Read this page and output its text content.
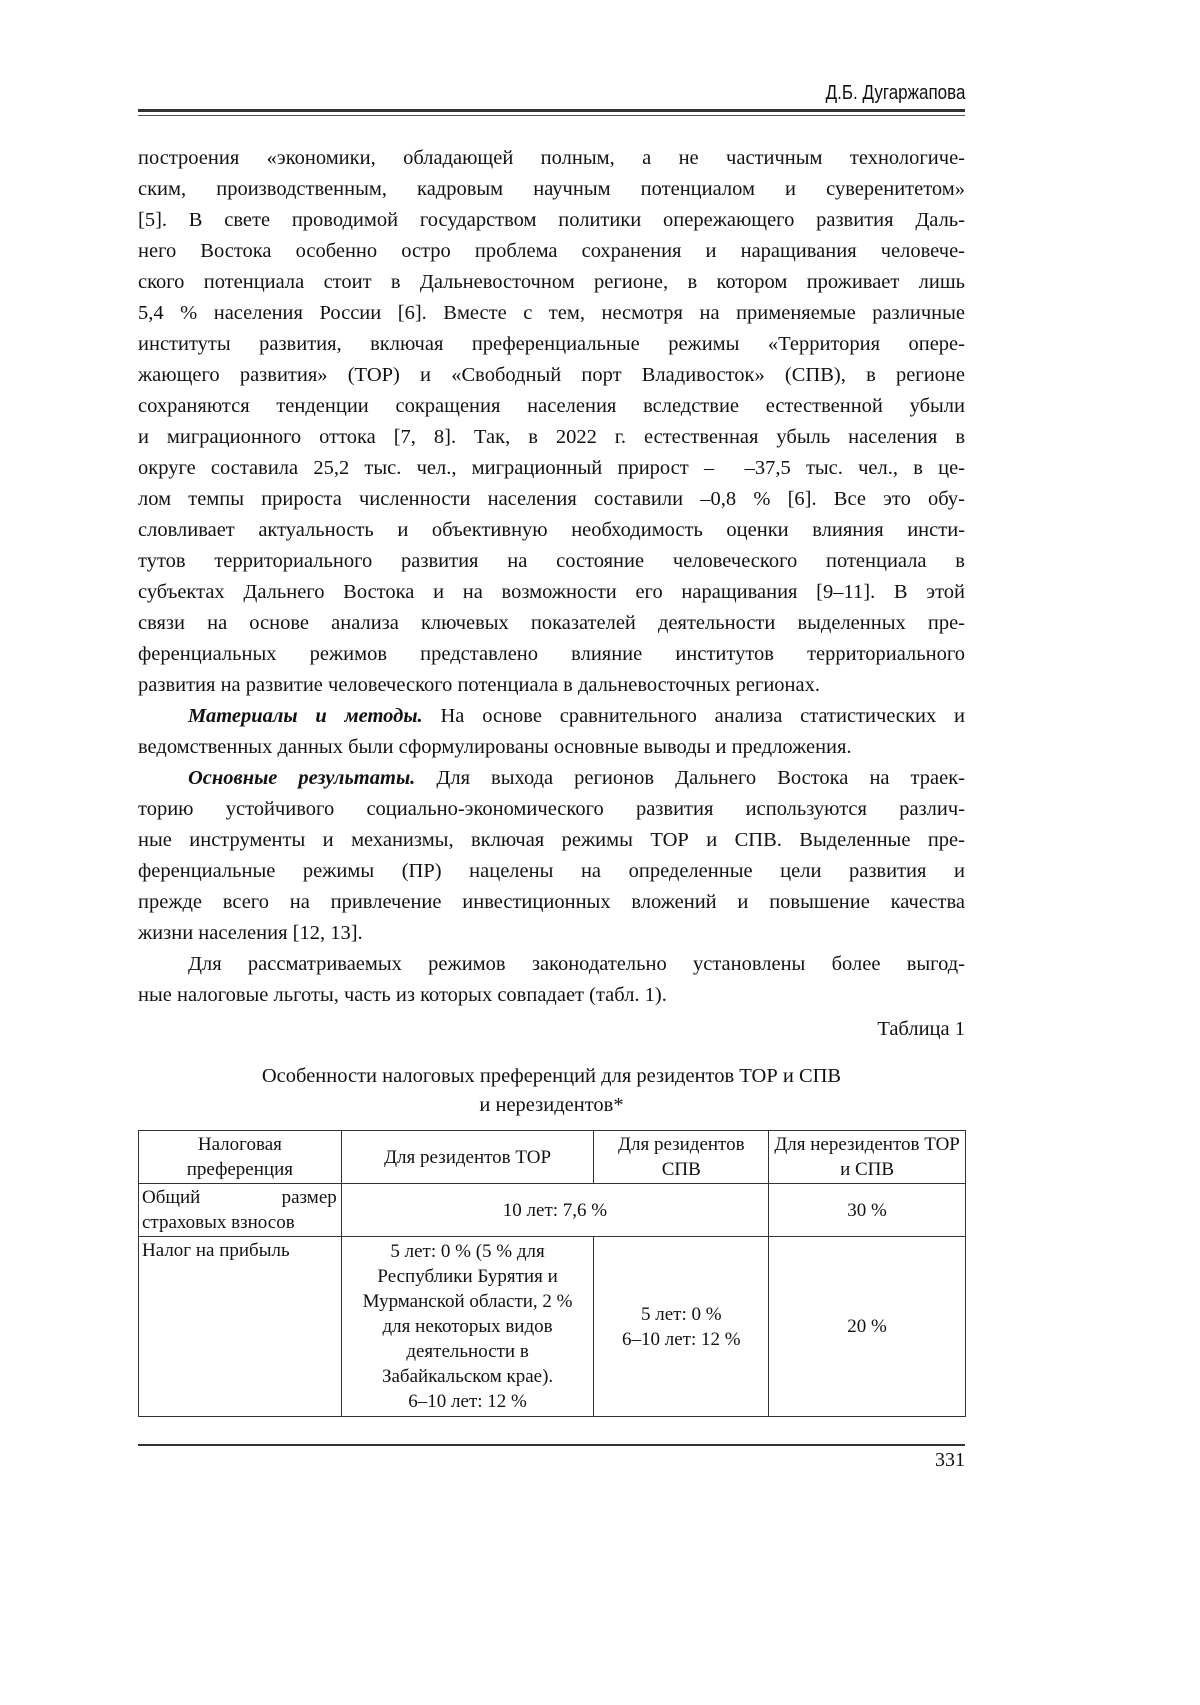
Д.Б. Дугаржапова
построения «экономики, обладающей полным, а не частичным технологиче-
ским, производственным, кадровым научным потенциалом и суверенитетом»
[5]. В свете проводимой государством политики опережающего развития Даль-
него Востока особенно остро проблема сохранения и наращивания человече-
ского потенциала стоит в Дальневосточном регионе, в котором проживает лишь
5,4 % населения России [6]. Вместе с тем, несмотря на применяемые различные
институты развития, включая преференциальные режимы «Территория опере-
жающего развития» (ТОР) и «Свободный порт Владивосток» (СПВ), в регионе
сохраняются тенденции сокращения населения вследствие естественной убыли
и миграционного оттока [7, 8]. Так, в 2022 г. естественная убыль населения в
округе составила 25,2 тыс. чел., миграционный прирост –  –37,5 тыс. чел., в це-
лом темпы прироста численности населения составили –0,8 % [6]. Все это обу-
словливает актуальность и объективную необходимость оценки влияния инсти-
тутов территориального развития на состояние человеческого потенциала в
субъектах Дальнего Востока и на возможности его наращивания [9–11]. В этой
связи на основе анализа ключевых показателей деятельности выделенных пре-
ференциальных режимов представлено влияние институтов территориального
развития на развитие человеческого потенциала в дальневосточных регионах.
Материалы и методы. На основе сравнительного анализа статистических и
ведомственных данных были сформулированы основные выводы и предложения.
Основные результаты. Для выхода регионов Дальнего Востока на траек-
торию устойчивого социально-экономического развития используются различ-
ные инструменты и механизмы, включая режимы ТОР и СПВ. Выделенные пре-
ференциальные режимы (ПР) нацелены на определенные цели развития и
прежде всего на привлечение инвестиционных вложений и повышение качества
жизни населения [12, 13].
Для рассматриваемых режимов законодательно установлены более выгод-
ные налоговые льготы, часть из которых совпадает (табл. 1).
Таблица 1
Особенности налоговых преференций для резидентов ТОР и СПВ
и нерезидентов*
Налоговая преференция	Для резидентов ТОР	Для резидентов СПВ	Для нерезидентов ТОР и СПВ
Общий размер страховых взносов	10 лет: 7,6 %	30 %
Налог на прибыль	5 лет: 0 % (5 % для Республики Бурятия и Мурманской области, 2 % для некоторых видов деятельности в Забайкальском крае).
6–10 лет: 12 %

5 лет: 0 %
6–10 лет: 12 %
	20 %
331
